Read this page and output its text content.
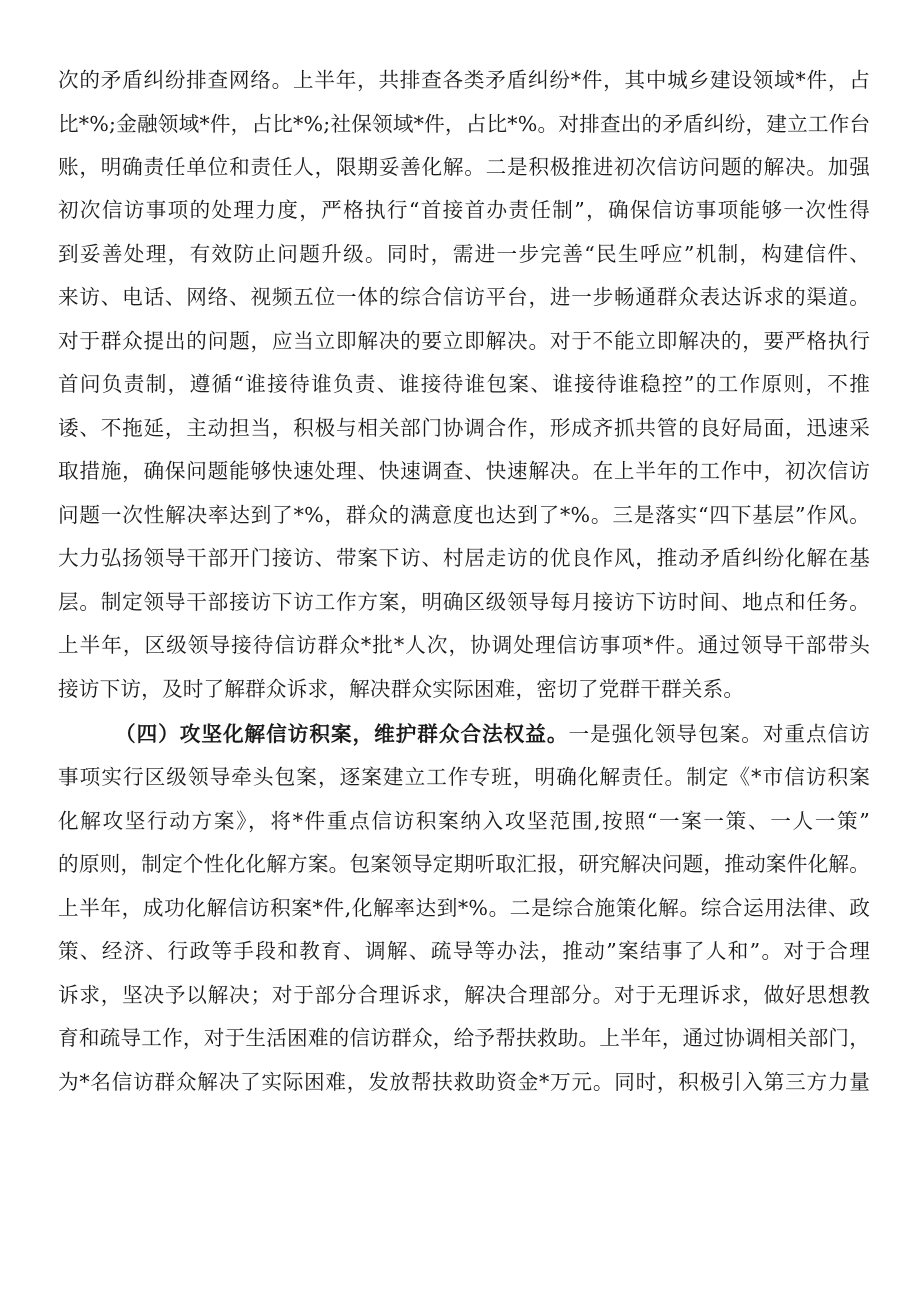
次的矛盾纠纷排查网络。上半年，共排查各类矛盾纠纷*件，其中城乡建设领域*件，占
比*%;金融领域*件，占比*%;社保领域*件，占比*%。对排查出的矛盾纠纷，建立工作台
账，明确责任单位和责任人，限期妥善化解。二是积极推进初次信访问题的解决。加强
初次信访事项的处理力度，严格执行“首接首办责任制”，确保信访事项能够一次性得
到妥善处理，有效防止问题升级。同时，需进一步完善“民生呼应”机制，构建信件、
来访、电话、网络、视频五位一体的综合信访平台，进一步畅通群众表达诉求的渠道。
对于群众提出的问题，应当立即解决的要立即解决。对于不能立即解决的，要严格执行
首问负责制，遵循“谁接待谁负责、谁接待谁包案、谁接待谁稳控”的工作原则，不推
诿、不拖延，主动担当，积极与相关部门协调合作，形成齐抓共管的良好局面，迅速采
取措施，确保问题能够快速处理、快速调查、快速解决。在上半年的工作中，初次信访
问题一次性解决率达到了*%，群众的满意度也达到了*%。三是落实“四下基层”作风。
大力弘扬领导干部开门接访、带案下访、村居走访的优良作风，推动矛盾纠纷化解在基
层。制定领导干部接访下访工作方案，明确区级领导每月接访下访时间、地点和任务。
上半年，区级领导接待信访群众*批*人次，协调处理信访事项*件。通过领导干部带头
接访下访，及时了解群众诉求，解决群众实际困难，密切了党群干群关系。
（四）攻坚化解信访积案，维护群众合法权益。一是强化领导包案。对重点信访
事项实行区级领导牵头包案，逐案建立工作专班，明确化解责任。制定《*市信访积案
化解攻坚行动方案》，将*件重点信访积案纳入攻坚范围,按照“一案一策、一人一策”
的原则，制定个性化化解方案。包案领导定期听取汇报，研究解决问题，推动案件化解。
上半年，成功化解信访积案*件,化解率达到*%。二是综合施策化解。综合运用法律、政
策、经济、行政等手段和教育、调解、疏导等办法，推动”案结事了人和”。对于合理
诉求，坚决予以解决；对于部分合理诉求，解决合理部分。对于无理诉求，做好思想教
育和疏导工作，对于生活困难的信访群众，给予帮扶救助。上半年，通过协调相关部门，
为*名信访群众解决了实际困难，发放帮扶救助资金*万元。同时，积极引入第三方力量
